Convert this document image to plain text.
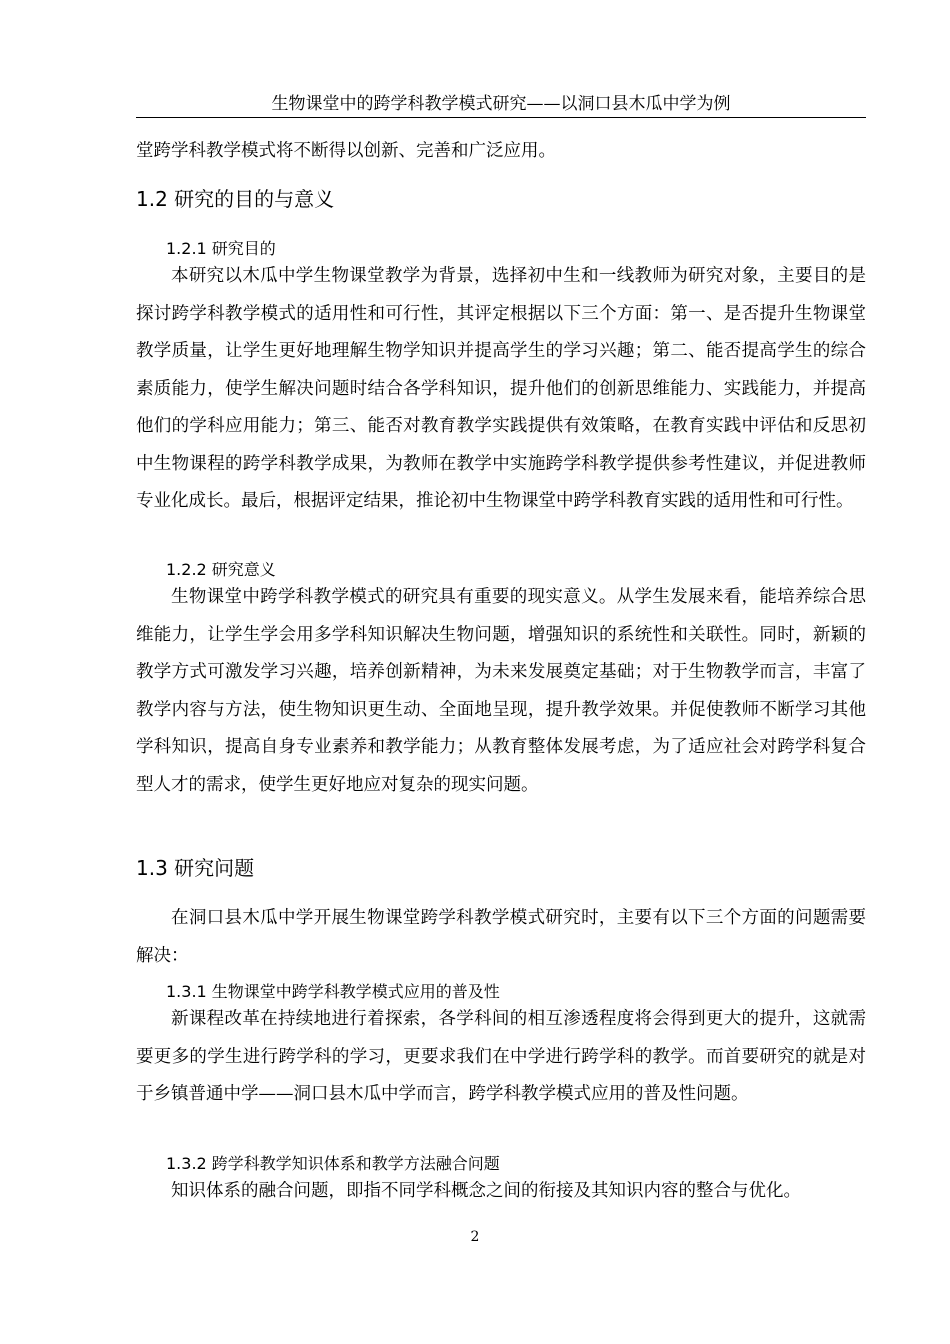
生物课堂中的跨学科教学模式研究——以洞口县木瓜中学为例

堂跨学科教学模式将不断得以创新、完善和广泛应用。

1.2 研究的目的与意义
1.2.1 研究目的

本研究以木瓜中学生物课堂教学为背景，选择初中生和一线教师为研究对象，主要目的是探讨跨学科教学模式的适用性和可行性，其评定根据以下三个方面：第一、是否提升生物课堂教学质量，让学生更好地理解生物学知识并提高学生的学习兴趣；第二、能否提高学生的综合素质能力，使学生解决问题时结合各学科知识，提升他们的创新思维能力、实践能力，并提高他们的学科应用能力；第三、能否对教育教学实践提供有效策略，在教育实践中评估和反思初中生物课程的跨学科教学成果，为教师在教学中实施跨学科教学提供参考性建议，并促进教师专业化成长。最后，根据评定结果，推论初中生物课堂中跨学科教育实践的适用性和可行性。

1.2.2 研究意义

生物课堂中跨学科教学模式的研究具有重要的现实意义。从学生发展来看，能培养综合思维能力，让学生学会用多学科知识解决生物问题，增强知识的系统性和关联性。同时，新颖的教学方式可激发学习兴趣，培养创新精神，为未来发展奠定基础；对于生物教学而言，丰富了教学内容与方法，使生物知识更生动、全面地呈现，提升教学效果。并促使教师不断学习其他学科知识，提高自身专业素养和教学能力；从教育整体发展考虑，为了适应社会对跨学科复合型人才的需求，使学生更好地应对复杂的现实问题。

1.3 研究问题

在洞口县木瓜中学开展生物课堂跨学科教学模式研究时，主要有以下三个方面的问题需要解决：

1.3.1 生物课堂中跨学科教学模式应用的普及性

新课程改革在持续地进行着探索，各学科间的相互渗透程度将会得到更大的提升，这就需要更多的学生进行跨学科的学习，更要求我们在中学进行跨学科的教学。而首要研究的就是对于乡镇普通中学——洞口县木瓜中学而言，跨学科教学模式应用的普及性问题。

1.3.2 跨学科教学知识体系和教学方法融合问题

知识体系的融合问题，即指不同学科概念之间的衔接及其知识内容的整合与优化。

2
